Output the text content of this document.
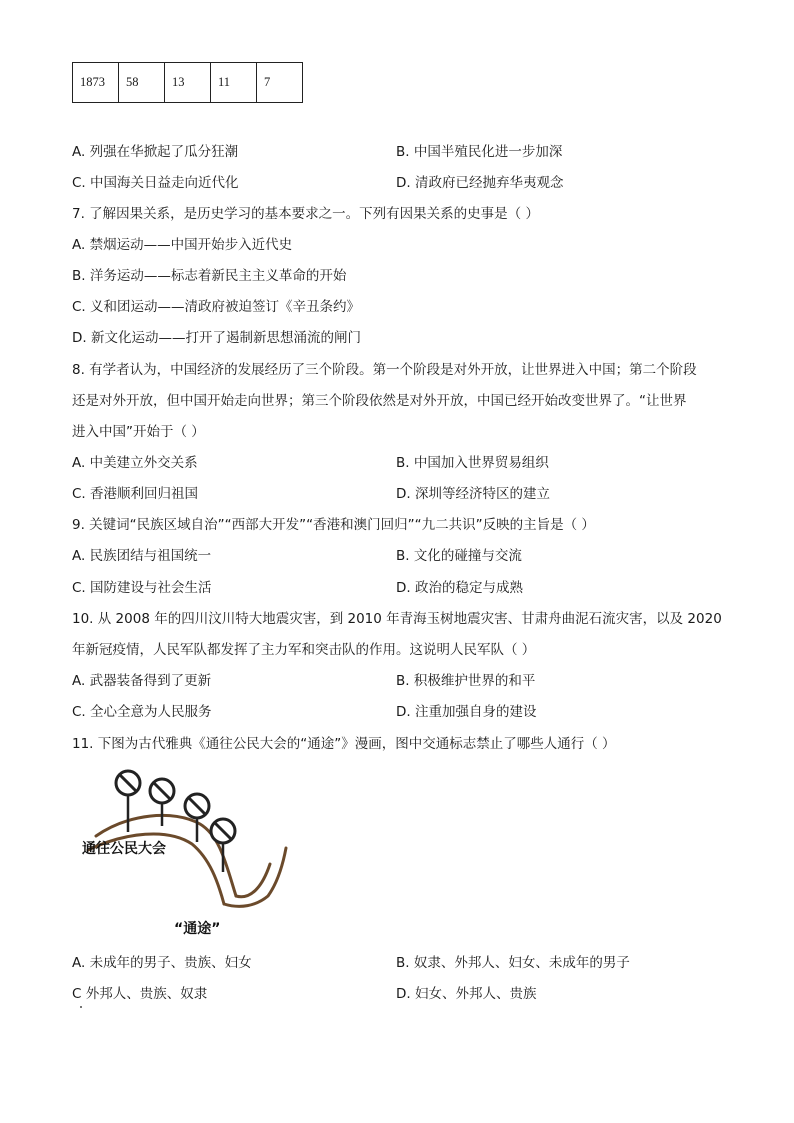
1873	58	13	11	7
A. 列强在华掀起了瓜分狂潮	B. 中国半殖民化进一步加深
C. 中国海关日益走向近代化	D. 清政府已经抛弃华夷观念
7. 了解因果关系，是历史学习的基本要求之一。下列有因果关系的史事是（ ）
A. 禁烟运动——中国开始步入近代史
B. 洋务运动——标志着新民主主义革命的开始
C. 义和团运动——清政府被迫签订《辛丑条约》
D. 新文化运动——打开了遏制新思想涌流的闸门
8. 有学者认为，中国经济的发展经历了三个阶段。第一个阶段是对外开放，让世界进入中国；第二个阶段
还是对外开放，但中国开始走向世界；第三个阶段依然是对外开放，中国已经开始改变世界了。“让世界
进入中国”开始于（ ）
A. 中美建立外交关系	B. 中国加入世界贸易组织
C. 香港顺利回归祖国	D. 深圳等经济特区的建立
9. 关键词“民族区域自治”“西部大开发”“香港和澳门回归”“九二共识”反映的主旨是（ ）
A. 民族团结与祖国统一	B. 文化的碰撞与交流
C. 国防建设与社会生活	D. 政治的稳定与成熟
10. 从 2008 年的四川汶川特大地震灾害，到 2010 年青海玉树地震灾害、甘肃舟曲泥石流灾害，以及 2020
年新冠疫情，人民军队都发挥了主力军和突击队的作用。这说明人民军队（ ）
A. 武器装备得到了更新	B. 积极维护世界的和平
C. 全心全意为人民服务	D. 注重加强自身的建设
11. 下图为古代雅典《通往公民大会的“通途”》漫画，图中交通标志禁止了哪些人通行（ ）
通往公民大会
“通途”
A. 未成年的男子、贵族、妇女	B. 奴隶、外邦人、妇女、未成年的男子
C 外邦人、贵族、奴隶	D. 妇女、外邦人、贵族
